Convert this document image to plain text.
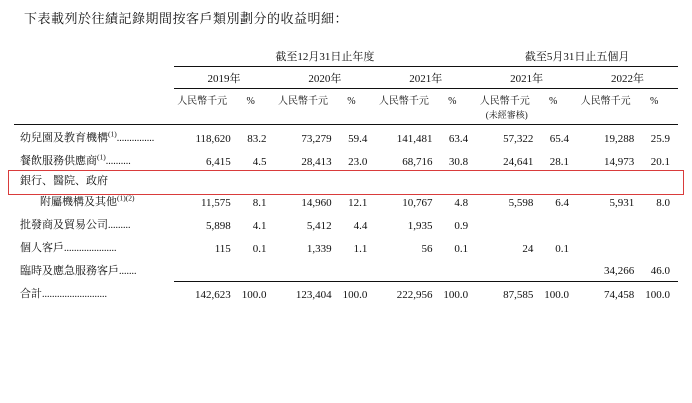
下表載列於往績記錄期間按客戶類別劃分的收益明細：
	截至12月31日止年度						截至5月31日止五個月			

	2019年		2020年		2021年		2021年		2022年	

	人民幣千元	%	人民幣千元	%	人民幣千元	%	人民幣千元	%	人民幣千元	%
							(未經審核)			

幼兒園及教育機構$^{(1)}$...............	118,620	83.2	73,279	59.4	141,481	63.4	57,322	65.4	19,288	25.9
餐飲服務供應商$^{(1)}$..........	6,415	4.5	28,413	23.0	68,716	30.8	24,641	28.1	14,973	20.1
銀行、醫院、政府										
附屬機構及其他$^{(1)(2)}$	11,575	8.1	14,960	12.1	10,767	4.8	5,598	6.4	5,931	8.0
批發商及貿易公司.........	5,898	4.1	5,412	4.4	1,935	0.9				
個人客戶.....................	115	0.1	1,339	1.1	56	0.1	24	0.1		
臨時及應急服務客戶.......									34,266	46.0
合計..........................	142,623	100.0	123,404	100.0	222,956	100.0	87,585	100.0	74,458	100.0
